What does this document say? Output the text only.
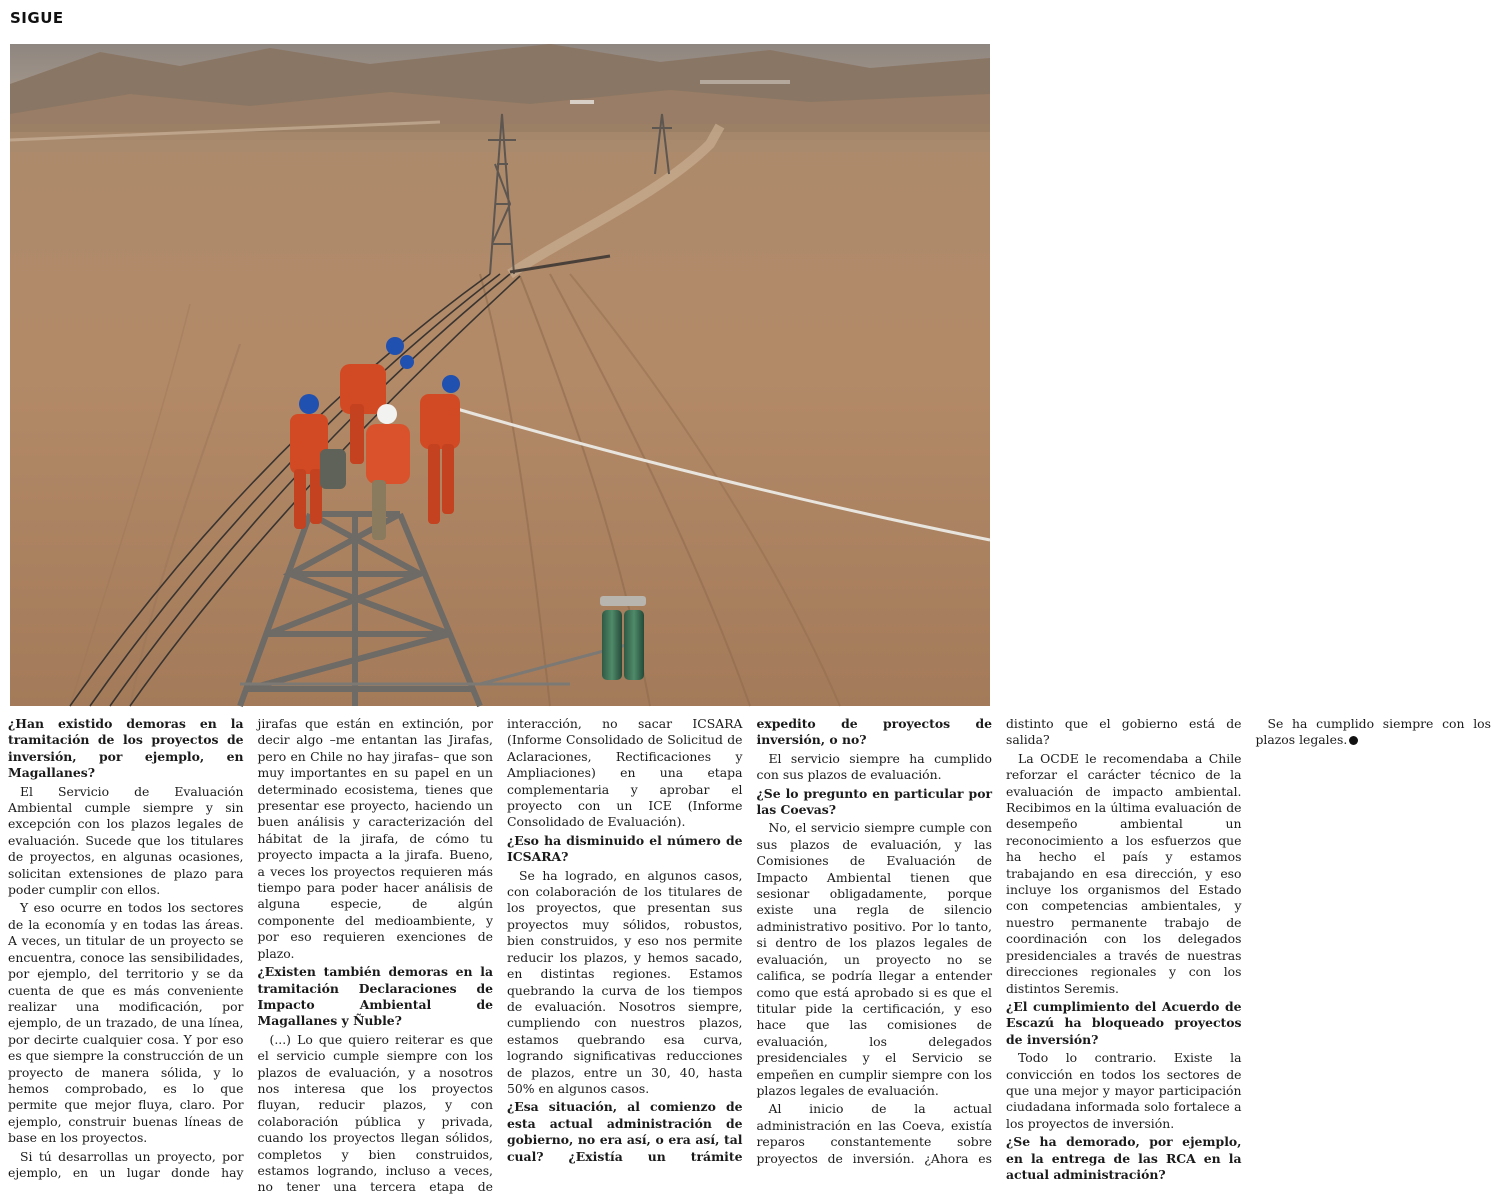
SIGUE

¿Han existido demoras en la tramitación de los proyectos de inversión, por ejemplo, en Magallanes?

El Servicio de Evaluación Ambiental cumple siempre y sin excepción con los plazos legales de evaluación. Sucede que los titulares de proyectos, en algunas ocasiones, solicitan extensiones de plazo para poder cumplir con ellos.

Y eso ocurre en todos los sectores de la economía y en todas las áreas. A veces, un titular de un proyecto se encuentra, conoce las sensibilidades, por ejemplo, del territorio y se da cuenta de que es más conveniente realizar una modificación, por ejemplo, de un trazado, de una línea, por decirte cualquier cosa. Y por eso es que siempre la construcción de un proyecto de manera sólida, y lo hemos comprobado, es lo que permite que mejor fluya, claro. Por ejemplo, construir buenas líneas de base en los proyectos.

Si tú desarrollas un proyecto, por ejemplo, en un lugar donde hay jirafas que están en extinción, por decir algo –me entantan las Jirafas, pero en Chile no hay jirafas– que son muy importantes en su papel en un determinado ecosistema, tienes que presentar ese proyecto, haciendo un buen análisis y caracterización del hábitat de la jirafa, de cómo tu proyecto impacta a la jirafa. Bueno, a veces los proyectos requieren más tiempo para poder hacer análisis de alguna especie, de algún componente del medioambiente, y por eso requieren exenciones de plazo.

¿Existen también demoras en la tramitación Declaraciones de Impacto Ambiental de Magallanes y Ñuble?

(...) Lo que quiero reiterar es que el servicio cumple siempre con los plazos de evaluación, y a nosotros nos interesa que los proyectos fluyan, reducir plazos, y con colaboración pública y privada, cuando los proyectos llegan sólidos, completos y bien construidos, estamos logrando, incluso a veces, no tener una tercera etapa de interacción, no sacar ICSARA (Informe Consolidado de Solicitud de Aclaraciones, Rectificaciones y Ampliaciones) en una etapa complementaria y aprobar el proyecto con un ICE (Informe Consolidado de Evaluación).

¿Eso ha disminuido el número de ICSARA?

Se ha logrado, en algunos casos, con colaboración de los titulares de los proyectos, que presentan sus proyectos muy sólidos, robustos, bien construidos, y eso nos permite reducir los plazos, y hemos sacado, en distintas regiones. Estamos quebrando la curva de los tiempos de evaluación. Nosotros siempre, cumpliendo con nuestros plazos, estamos quebrando esa curva, logrando significativas reducciones de plazos, entre un 30, 40, hasta 50% en algunos casos.

¿Esa situación, al comienzo de esta actual administración de gobierno, no era así, o era así, tal cual? ¿Existía un trámite expedito de proyectos de inversión, o no?

El servicio siempre ha cumplido con sus plazos de evaluación.

¿Se lo pregunto en particular por las Coevas?

No, el servicio siempre cumple con sus plazos de evaluación, y las Comisiones de Evaluación de Impacto Ambiental tienen que sesionar obligadamente, porque existe una regla de silencio administrativo positivo. Por lo tanto, si dentro de los plazos legales de evaluación, un proyecto no se califica, se podría llegar a entender como que está aprobado si es que el titular pide la certificación, y eso hace que las comisiones de evaluación, los delegados presidenciales y el Servicio se empeñen en cumplir siempre con los plazos legales de evaluación.

Al inicio de la actual administración en las Coeva, existía reparos constantemente sobre proyectos de inversión. ¿Ahora es distinto que el gobierno está de salida?

La OCDE le recomendaba a Chile reforzar el carácter técnico de la evaluación de impacto ambiental. Recibimos en la última evaluación de desempeño ambiental un reconocimiento a los esfuerzos que ha hecho el país y estamos trabajando en esa dirección, y eso incluye los organismos del Estado con competencias ambientales, y nuestro permanente trabajo de coordinación con los delegados presidenciales a través de nuestras direcciones regionales y con los distintos Seremis.

¿El cumplimiento del Acuerdo de Escazú ha bloqueado proyectos de inversión?

Todo lo contrario. Existe la convicción en todos los sectores de que una mejor y mayor participación ciudadana informada solo fortalece a los proyectos de inversión.

¿Se ha demorado, por ejemplo, en la entrega de las RCA en la actual administración?

Se ha cumplido siempre con los plazos legales. P
